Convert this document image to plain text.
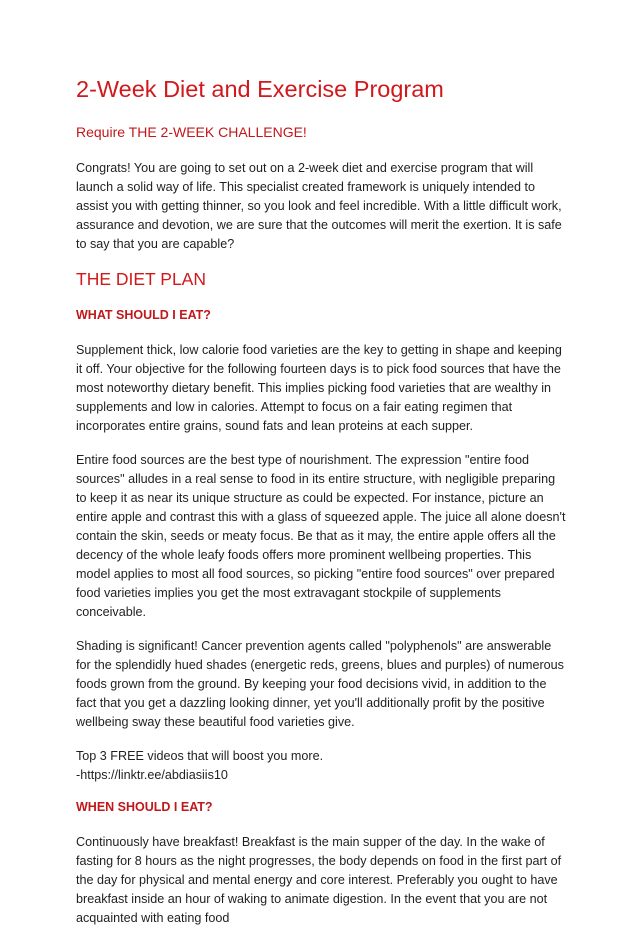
2-Week Diet and Exercise Program

Require THE 2-WEEK CHALLENGE!

Congrats! You are going to set out on a 2-week diet and exercise program that will launch a solid way of life. This specialist created framework is uniquely intended to assist you with getting thinner, so you look and feel incredible. With a little difficult work, assurance and devotion, we are sure that the outcomes will merit the exertion. It is safe to say that you are capable?

THE DIET PLAN
WHAT SHOULD I EAT?

Supplement thick, low calorie food varieties are the key to getting in shape and keeping it off. Your objective for the following fourteen days is to pick food sources that have the most noteworthy dietary benefit. This implies picking food varieties that are wealthy in supplements and low in calories. Attempt to focus on a fair eating regimen that incorporates entire grains, sound fats and lean proteins at each supper.

Entire food sources are the best type of nourishment. The expression "entire food sources" alludes in a real sense to food in its entire structure, with negligible preparing to keep it as near its unique structure as could be expected. For instance, picture an entire apple and contrast this with a glass of squeezed apple. The juice all alone doesn't contain the skin, seeds or meaty focus. Be that as it may, the entire apple offers all the decency of the whole leafy foods offers more prominent wellbeing properties. This model applies to most all food sources, so picking "entire food sources" over prepared food varieties implies you get the most extravagant stockpile of supplements conceivable.

Shading is significant! Cancer prevention agents called "polyphenols" are answerable for the splendidly hued shades (energetic reds, greens, blues and purples) of numerous foods grown from the ground. By keeping your food decisions vivid, in addition to the fact that you get a dazzling looking dinner, yet you'll additionally profit by the positive wellbeing sway these beautiful food varieties give.

Top 3 FREE videos that will boost you more.
-https://linktr.ee/abdiasiis10

WHEN SHOULD I EAT?

Continuously have breakfast! Breakfast is the main supper of the day. In the wake of fasting for 8 hours as the night progresses, the body depends on food in the first part of the day for physical and mental energy and core interest. Preferably you ought to have breakfast inside an hour of waking to animate digestion. In the event that you are not acquainted with eating food
